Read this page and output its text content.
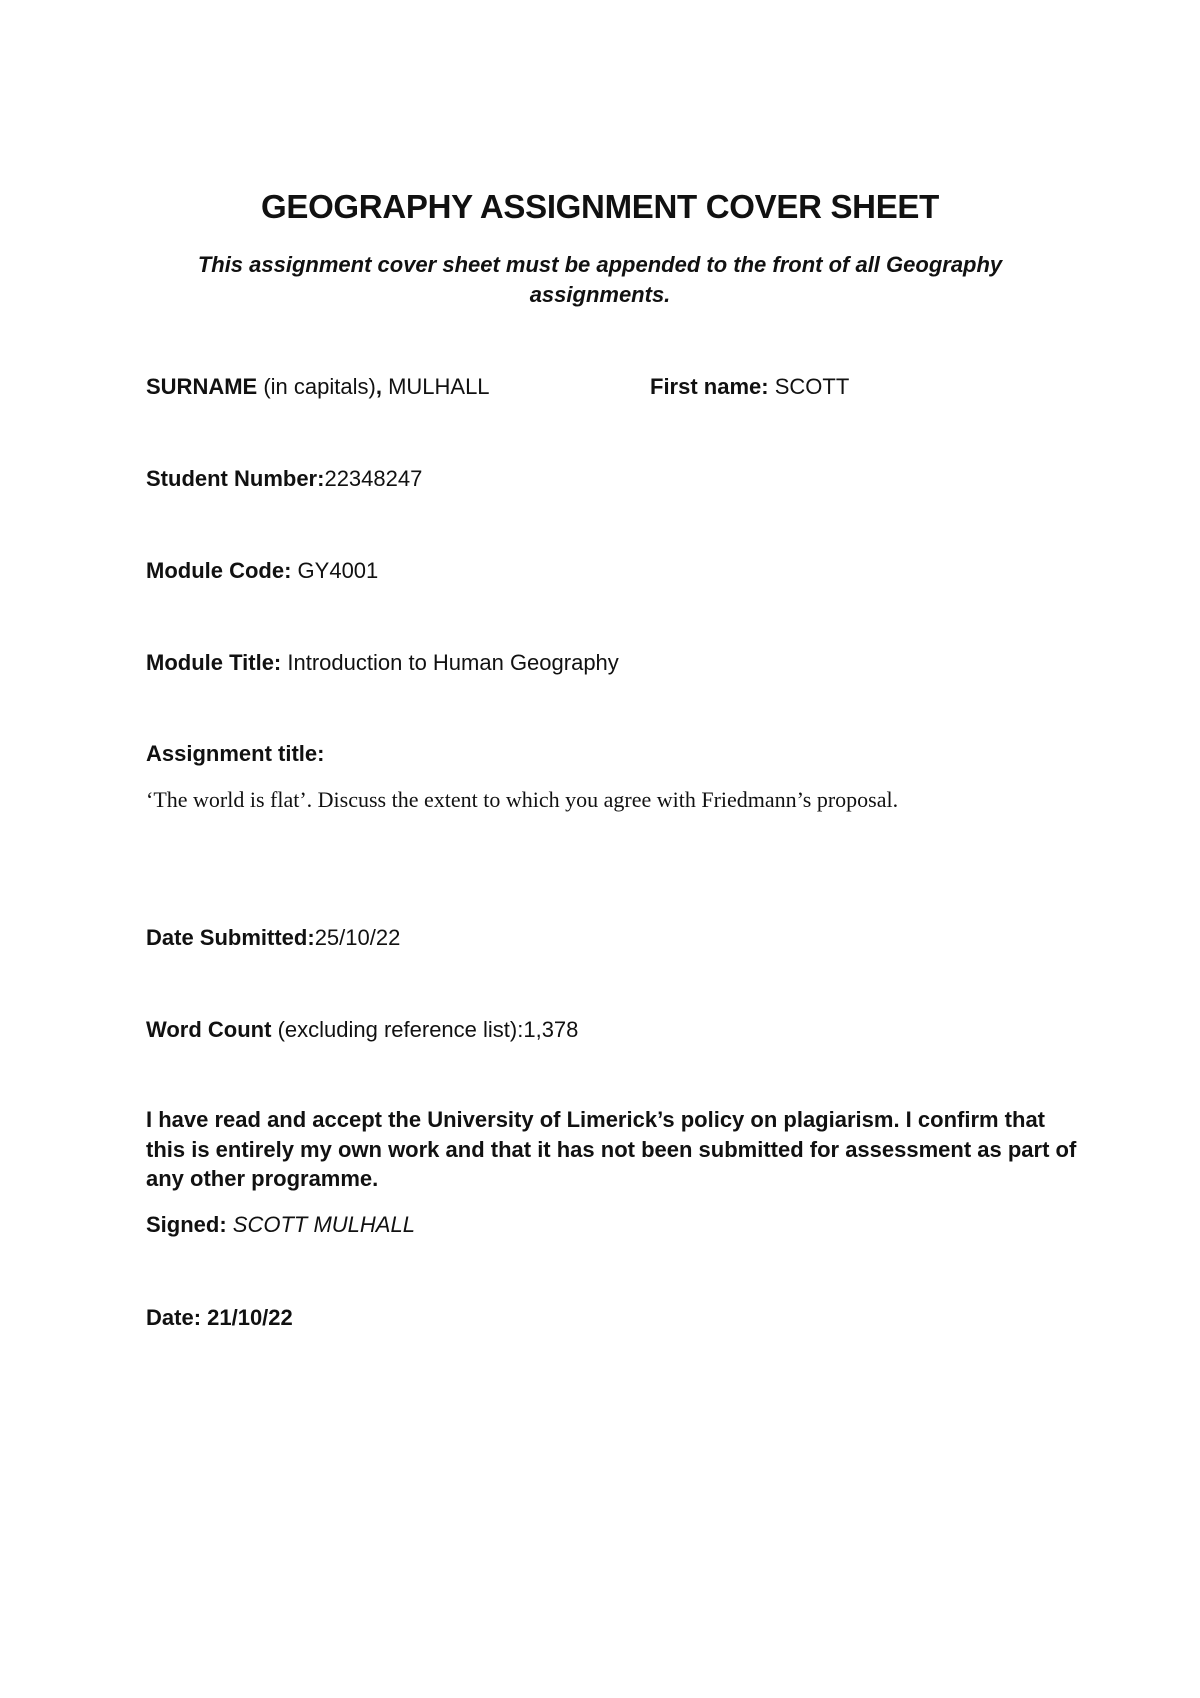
GEOGRAPHY ASSIGNMENT COVER SHEET
This assignment cover sheet must be appended to the front of all Geography assignments.
SURNAME (in capitals), MULHALL	First name: SCOTT
Student Number:22348247
Module Code: GY4001
Module Title: Introduction to Human Geography
Assignment title:
‘The world is flat’. Discuss the extent to which you agree with Friedmann’s proposal.
Date Submitted:25/10/22
Word Count (excluding reference list):1,378
I have read and accept the University of Limerick’s policy on plagiarism. I confirm that this is entirely my own work and that it has not been submitted for assessment as part of any other programme.
Signed: SCOTT MULHALL
Date: 21/10/22
